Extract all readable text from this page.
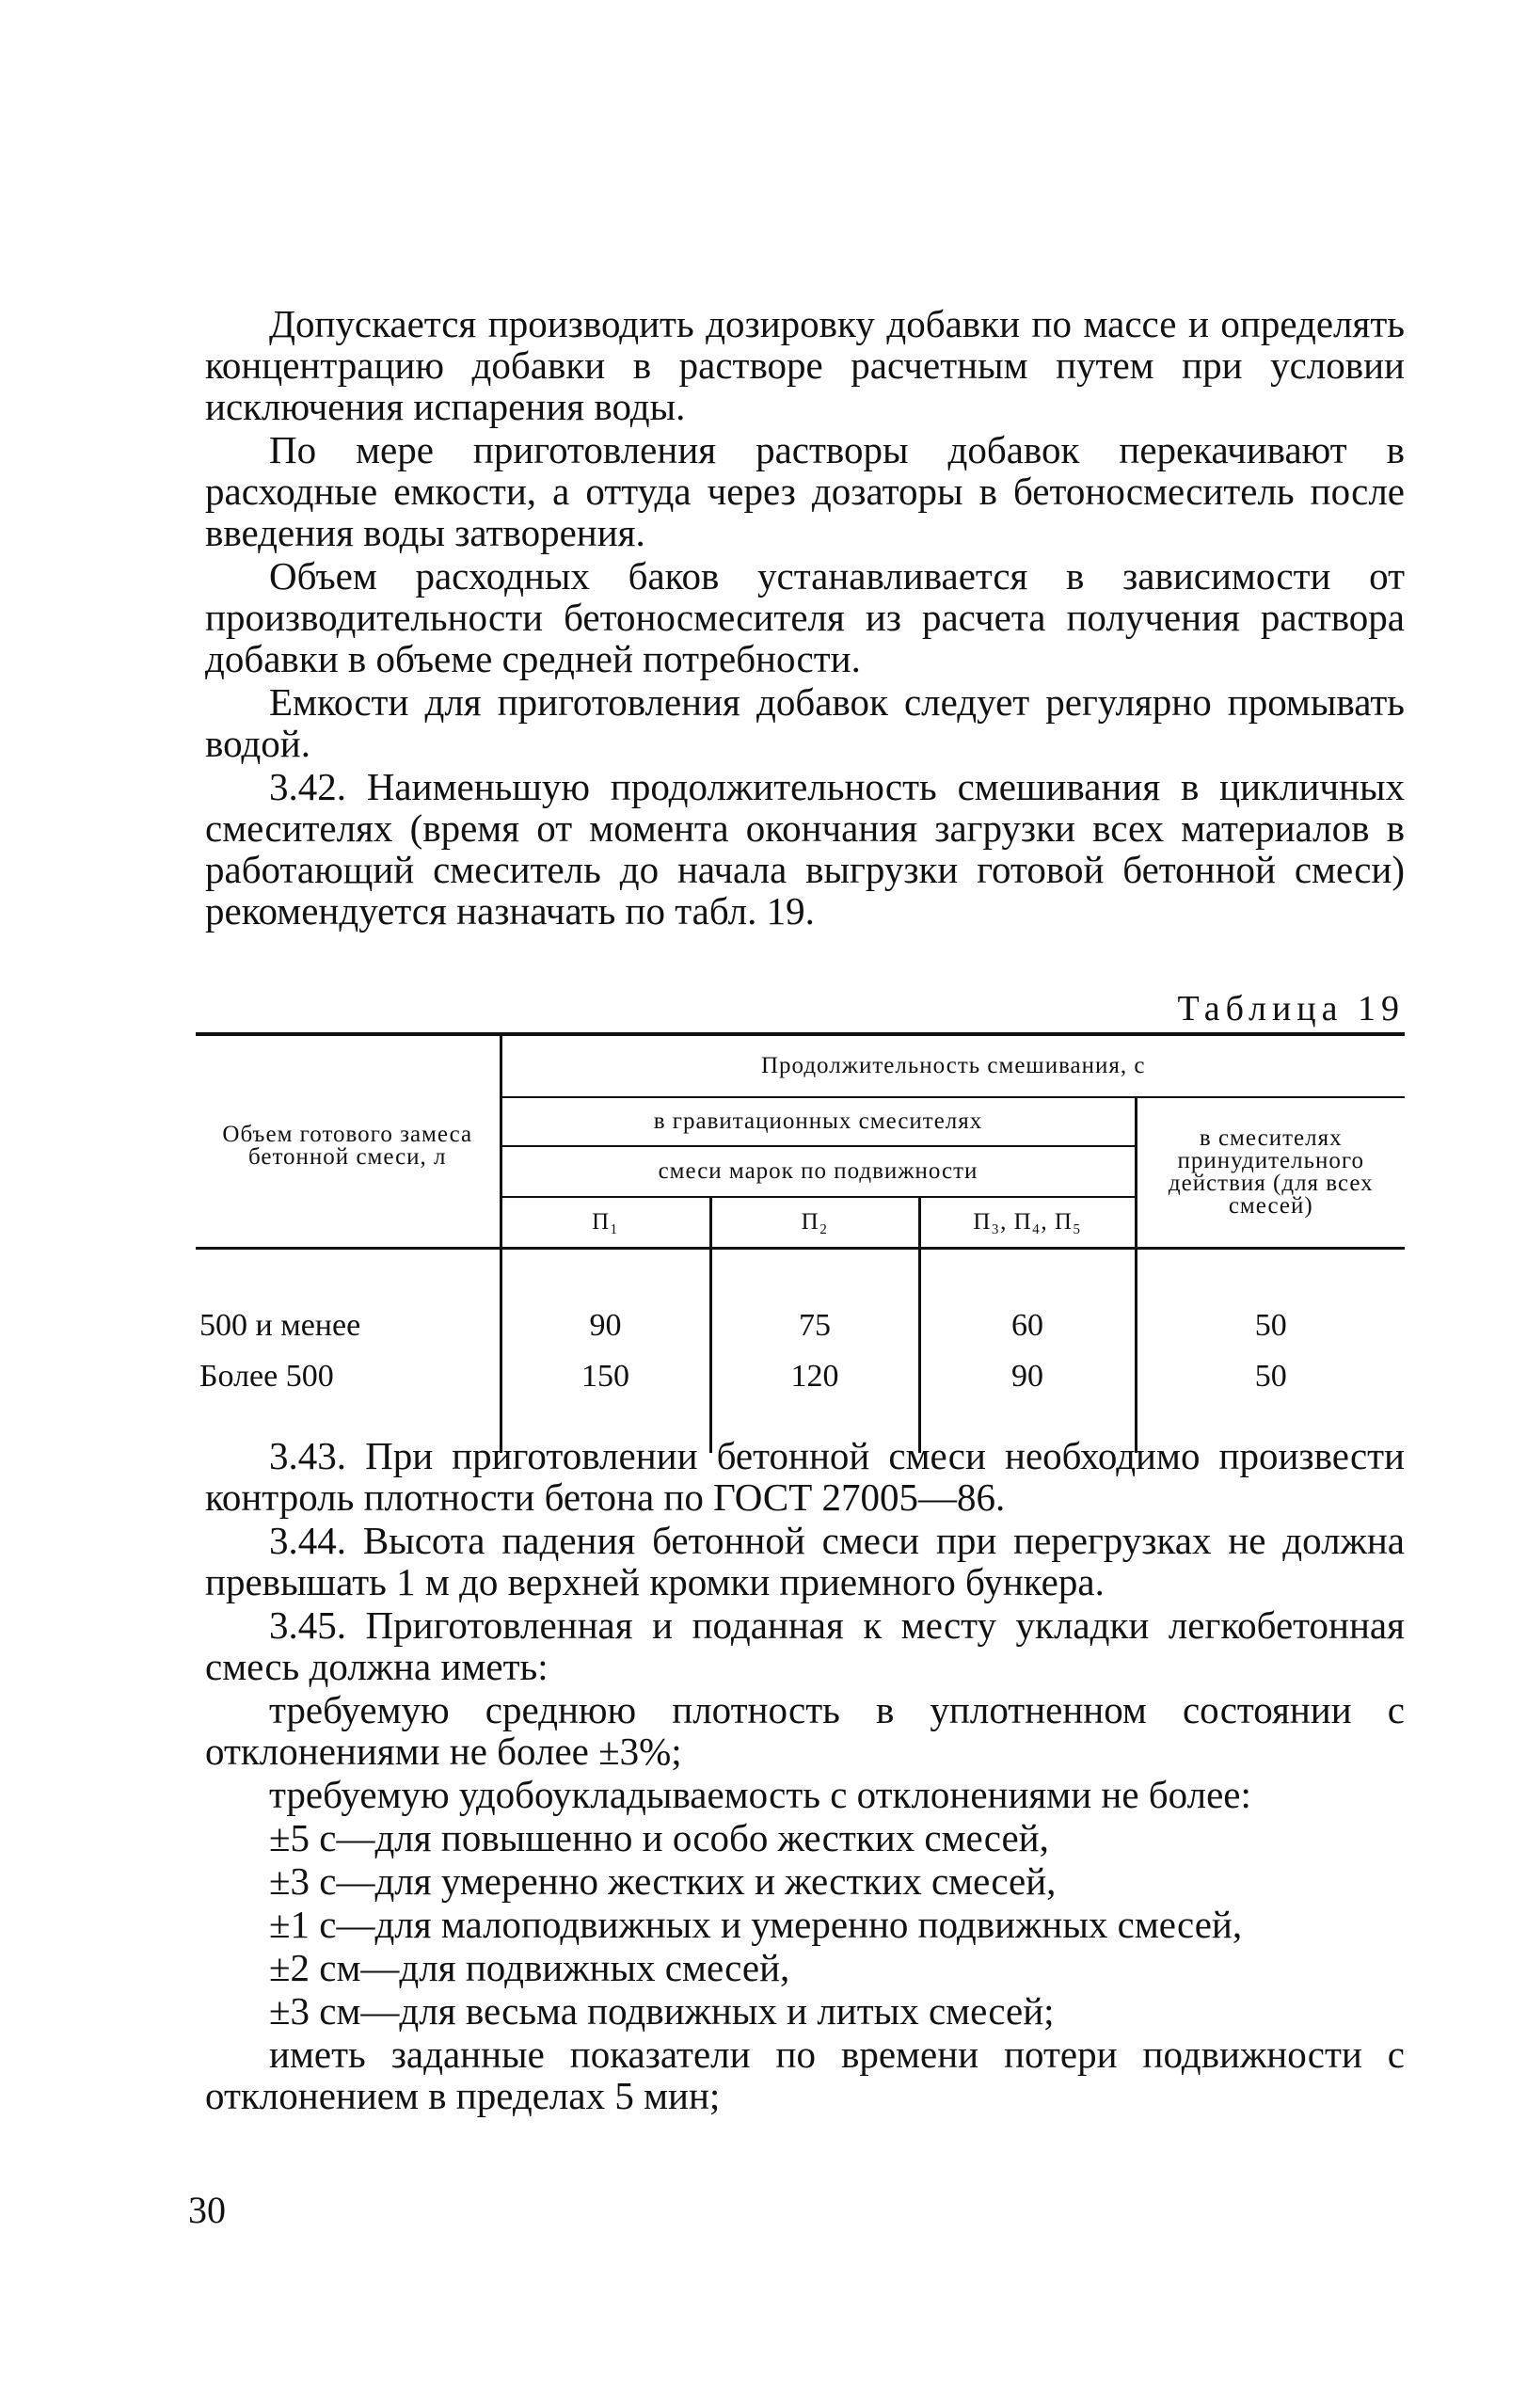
Допускается производить дозировку добавки по массе и определять концентрацию добавки в растворе расчетным путем при условии исключения испарения воды.

По мере приготовления растворы добавок перекачивают в расходные емкости, а оттуда через дозаторы в бетоносмеситель после введения воды затворения.

Объем расходных баков устанавливается в зависимости от производительности бетоносмесителя из расчета получения раствора добавки в объеме средней потребности.

Емкости для приготовления добавок следует регулярно промывать водой.

3.42. Наименьшую продолжительность смешивания в цикличных смесителях (время от момента окончания загрузки всех материалов в работающий смеситель до начала выгрузки готовой бетонной смеси) рекомендуется назначать по табл. 19.

Таблица 19
Объем готового замеса бетонной смеси, л	Продолжительность смешивания, с			
	в гравитационных смесителях			в смесителях принудительного действия (для всех смесей)
	смеси марок по подвижности			
	П₁	П₂	П₃, П₄, П₅	

500 и менее	90	75	60	50
Более 500	150	120	90	50

3.43. При приготовлении бетонной смеси необходимо произвести контроль плотности бетона по ГОСТ 27005—86.

3.44. Высота падения бетонной смеси при перегрузках не должна превышать 1 м до верхней кромки приемного бункера.

3.45. Приготовленная и поданная к месту укладки легкобетонная смесь должна иметь:

требуемую среднюю плотность в уплотненном состоянии с отклонениями не более ±3%;

требуемую удобоукладываемость с отклонениями не более:

±5 с—для повышенно и особо жестких смесей,

±3 с—для умеренно жестких и жестких смесей,

±1 с—для малоподвижных и умеренно подвижных смесей,

±2 см—для подвижных смесей,

±3 см—для весьма подвижных и литых смесей;

иметь заданные показатели по времени потери подвижности с отклонением в пределах 5 мин;

30
